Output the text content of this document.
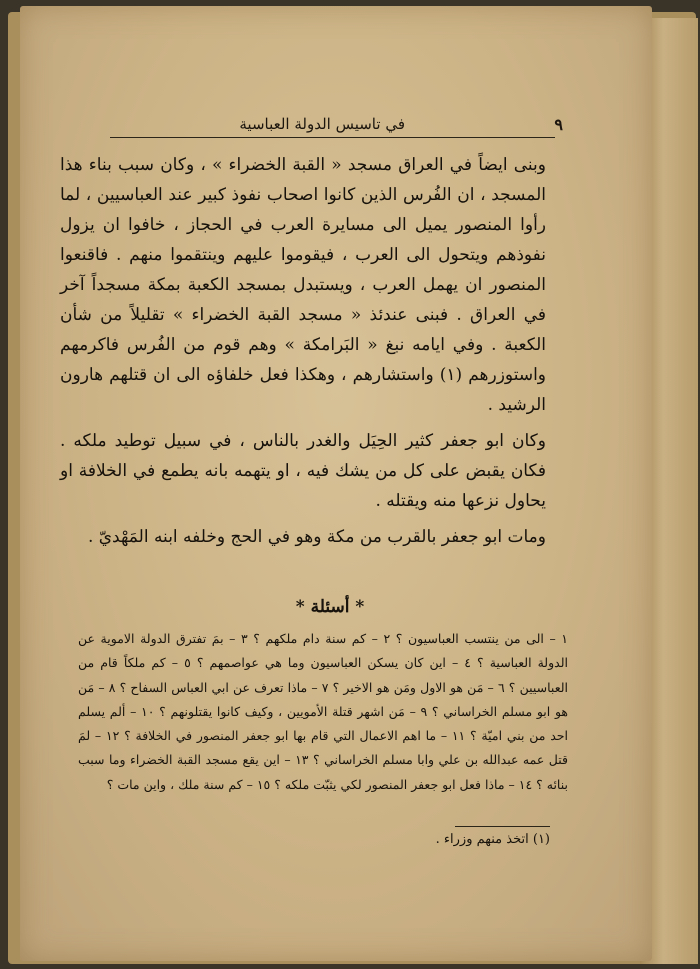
٩
في تاسيس الدولة العباسية

وبنى ايضاً في العراق مسجد « القبة الخضراء » ، وكان سبب بناء هذا المسجد ، ان الفُرس الذين كانوا اصحاب نفوذ كبير عند العباسيين ، لما رأوا المنصور يميل الى مسايرة العرب في الحجاز ، خافوا ان يزول نفوذهم ويتحول الى العرب ، فيقوموا عليهم وينتقموا منهم . فاقنعوا المنصور ان يهمل العرب ، ويستبدل بمسجد الكعبة بمكة مسجداً آخر في العراق . فبنى عندئذ « مسجد القبة الخضراء » تقليلاً من شأن الكعبة . وفي ايامه نبغ « البَرامكة » وهم قوم من الفُرس فاكرمهم واستوزرهم (١) واستشارهم ، وهكذا فعل خلفاؤه الى ان قتلهم هارون الرشيد .

وكان ابو جعفر كثير الحِيَل والغدر بالناس ، في سبيل توطيد ملكه . فكان يقبض على كل من يشك فيه ، او يتهمه بانه يطمع في الخلافة او يحاول نزعها منه ويقتله .

ومات ابو جعفر بالقرب من مكة وهو في الحج وخلفه ابنه المَهْديّ .

* أسئلة *
١ – الى من ينتسب العباسيون ؟ ٢ – كم سنة دام ملكهم ؟ ٣ – بمَ تفترق الدولة الاموية عن الدولة العباسية ؟ ٤ – اين كان يسكن العباسيون وما هي عواصمهم ؟ ٥ – كم ملكاً قام من العباسيين ؟ ٦ – مَن هو الاول ومَن هو الاخير ؟ ٧ – ماذا تعرف عن ابي العباس السفاح ؟ ٨ – مَن هو ابو مسلم الخراساني ؟ ٩ – مَن اشهر قتلة الأمويين ، وكيف كانوا يقتلونهم ؟ ١٠ – ألم يسلم احد من بني اميّة ؟ ١١ – ما اهم الاعمال التي قام بها ابو جعفر المنصور في الخلافة ؟ ١٢ – لمَ قتل عمه عبدالله بن علي وابا مسلم الخراساني ؟ ١٣ – اين يقع مسجد القبة الخضراء وما سبب بنائه ؟ ١٤ – ماذا فعل ابو جعفر المنصور لكي يثبّت ملكه ؟ ١٥ – كم سنة ملك ، واين مات ؟
(١) اتخذ منهم وزراء .
